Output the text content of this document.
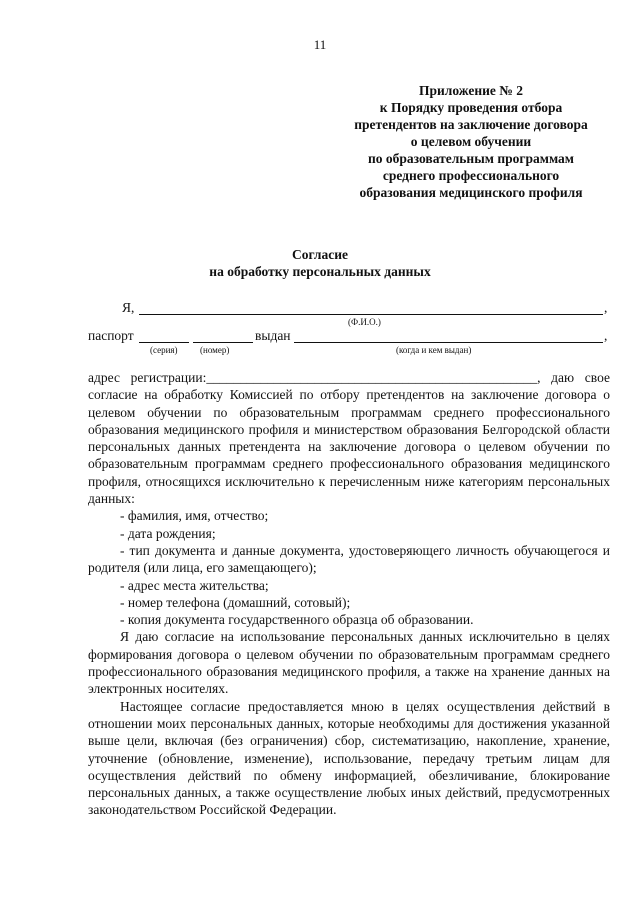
11
Приложение № 2
к Порядку проведения отбора
претендентов на заключение договора
о целевом обучении
по образовательным программам
среднего профессионального
образования медицинского профиля
Согласие
на обработку персональных данных
Я,	,
(Ф.И.О.)
паспорт	выдан	,
(серия) (номер)	(когда и кем выдан)

адрес регистрации:_________________________________________________, даю свое согласие на обработку Комиссией по отбору претендентов на заключение договора о целевом обучении по образовательным программам среднего профессионального образования медицинского профиля и министерством образования Белгородской области персональных данных претендента на заключение договора о целевом обучении по образовательным программам среднего профессионального образования медицинского профиля, относящихся исключительно к перечисленным ниже категориям персональных данных:

- фамилия, имя, отчество;

- дата рождения;

- тип документа и данные документа, удостоверяющего личность обучающегося и родителя (или лица, его замещающего);

- адрес места жительства;

- номер телефона (домашний, сотовый);

- копия документа государственного образца об образовании.

Я даю согласие на использование персональных данных исключительно в целях формирования договора о целевом обучении по образовательным программам среднего профессионального образования медицинского профиля, а также на хранение данных на электронных носителях.

Настоящее согласие предоставляется мною в целях осуществления действий в отношении моих персональных данных, которые необходимы для достижения указанной выше цели, включая (без ограничения) сбор, систематизацию, накопление, хранение, уточнение (обновление, изменение), использование, передачу третьим лицам для осуществления действий по обмену информацией, обезличивание, блокирование персональных данных, а также осуществление любых иных действий, предусмотренных законодательством Российской Федерации.
